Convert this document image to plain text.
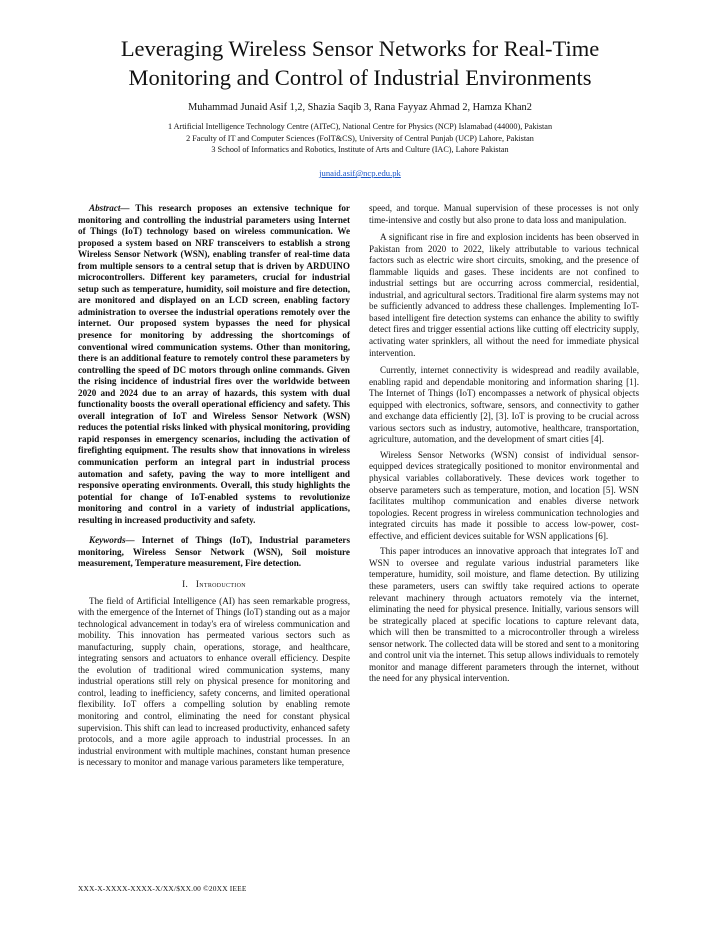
Leveraging Wireless Sensor Networks for Real-Time
Monitoring and Control of Industrial Environments
Muhammad Junaid Asif 1,2, Shazia Saqib 3, Rana Fayyaz Ahmad 2, Hamza Khan2
1 Artificial Intelligence Technology Centre (AITeC), National Centre for Physics (NCP) Islamabad (44000), Pakistan
2 Faculty of IT and Computer Sciences (FoIT&CS), University of Central Punjab (UCP) Lahore, Pakistan
3 School of Informatics and Robotics, Institute of Arts and Culture (IAC), Lahore Pakistan
junaid.asif@ncp.edu.pk

Abstract— This research proposes an extensive technique for monitoring and controlling the industrial parameters using Internet of Things (IoT) technology based on wireless communication. We proposed a system based on NRF transceivers to establish a strong Wireless Sensor Network (WSN), enabling transfer of real-time data from multiple sensors to a central setup that is driven by ARDUINO microcontrollers. Different key parameters, crucial for industrial setup such as temperature, humidity, soil moisture and fire detection, are monitored and displayed on an LCD screen, enabling factory administration to oversee the industrial operations remotely over the internet. Our proposed system bypasses the need for physical presence for monitoring by addressing the shortcomings of conventional wired communication systems. Other than monitoring, there is an additional feature to remotely control these parameters by controlling the speed of DC motors through online commands. Given the rising incidence of industrial fires over the worldwide between 2020 and 2024 due to an array of hazards, this system with dual functionality boosts the overall operational efficiency and safety. This overall integration of IoT and Wireless Sensor Network (WSN) reduces the potential risks linked with physical monitoring, providing rapid responses in emergency scenarios, including the activation of firefighting equipment. The results show that innovations in wireless communication perform an integral part in industrial process automation and safety, paving the way to more intelligent and responsive operating environments. Overall, this study highlights the potential for change of IoT-enabled systems to revolutionize monitoring and control in a variety of industrial applications, resulting in increased productivity and safety.

Keywords— Internet of Things (IoT), Industrial parameters monitoring, Wireless Sensor Network (WSN), Soil moisture measurement, Temperature measurement, Fire detection.

I. Introduction

The field of Artificial Intelligence (AI) has seen remarkable progress, with the emergence of the Internet of Things (IoT) standing out as a major technological advancement in today's era of wireless communication and mobility. This innovation has permeated various sectors such as manufacturing, supply chain, operations, storage, and healthcare, integrating sensors and actuators to enhance overall efficiency. Despite the evolution of traditional wired communication systems, many industrial operations still rely on physical presence for monitoring and control, leading to inefficiency, safety concerns, and limited operational flexibility. IoT offers a compelling solution by enabling remote monitoring and control, eliminating the need for constant physical supervision. This shift can lead to increased productivity, enhanced safety protocols, and a more agile approach to industrial processes. In an industrial environment with multiple machines, constant human presence is necessary to monitor and manage various parameters like temperature,

speed, and torque. Manual supervision of these processes is not only time-intensive and costly but also prone to data loss and manipulation.

A significant rise in fire and explosion incidents has been observed in Pakistan from 2020 to 2022, likely attributable to various technical factors such as electric wire short circuits, smoking, and the presence of flammable liquids and gases. These incidents are not confined to industrial settings but are occurring across commercial, residential, industrial, and agricultural sectors. Traditional fire alarm systems may not be sufficiently advanced to address these challenges. Implementing IoT-based intelligent fire detection systems can enhance the ability to swiftly detect fires and trigger essential actions like cutting off electricity supply, activating water sprinklers, all without the need for immediate physical intervention.

Currently, internet connectivity is widespread and readily available, enabling rapid and dependable monitoring and information sharing [1]. The Internet of Things (IoT) encompasses a network of physical objects equipped with electronics, software, sensors, and connectivity to gather and exchange data efficiently [2], [3]. IoT is proving to be crucial across various sectors such as industry, automotive, healthcare, transportation, agriculture, automation, and the development of smart cities [4].

Wireless Sensor Networks (WSN) consist of individual sensor-equipped devices strategically positioned to monitor environmental and physical variables collaboratively. These devices work together to observe parameters such as temperature, motion, and location [5]. WSN facilitates multihop communication and enables diverse network topologies. Recent progress in wireless communication technologies and integrated circuits has made it possible to access low-power, cost-effective, and efficient devices suitable for WSN applications [6].

This paper introduces an innovative approach that integrates IoT and WSN to oversee and regulate various industrial parameters like temperature, humidity, soil moisture, and flame detection. By utilizing these parameters, users can swiftly take required actions to operate relevant machinery through actuators remotely via the internet, eliminating the need for physical presence. Initially, various sensors will be strategically placed at specific locations to capture relevant data, which will then be transmitted to a microcontroller through a wireless sensor network. The collected data will be stored and sent to a monitoring and control unit via the internet. This setup allows individuals to remotely monitor and manage different parameters through the internet, without the need for any physical intervention.

XXX-X-XXXX-XXXX-X/XX/$XX.00 ©20XX IEEE
